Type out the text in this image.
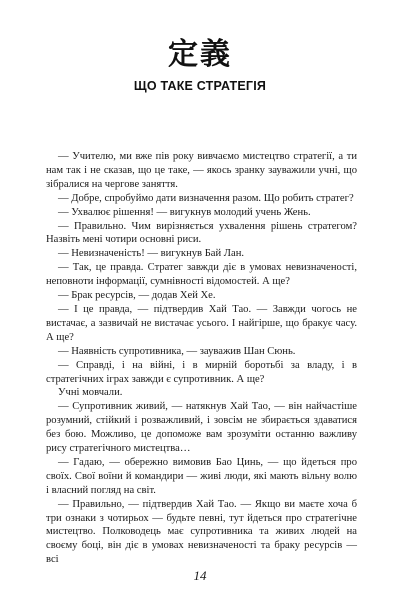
定義
ЩО ТАКЕ СТРАТЕГІЯ

— Учителю, ми вже пів року вивчаємо мистецтво стратегії, а ти нам так і не сказав, що це таке, — якось зранку зауважили учні, що зібралися на чергове заняття.

— Добре, спробуймо дати визначення разом. Що робить стратег?

— Ухвалює рішення! — вигукнув молодий учень Жень.

— Правильно. Чим вирізняється ухвалення рішень стратегом? Назвіть мені чотири основні риси.

— Невизначеність! — вигукнув Бай Лан.

— Так, це правда. Стратег завжди діє в умовах невизначеності, неповноти інформації, сумнівності відомостей. А ще?

— Брак ресурсів, — додав Хей Хе.

— І це правда, — підтвердив Хай Тао. — Завжди чогось не вистачає, а зазвичай не вистачає усього. І найгірше, що бракує часу. А ще?

— Наявність супротивника, — зауважив Шан Сюнь.

— Справді, і на війні, і в мирній боротьбі за владу, і в стратегічних іграх завжди є супротивник. А ще?

Учні мовчали.

— Супротивник живий, — натякнув Хай Тао, — він найчастіше розумний, стійкий і розважливий, і зовсім не збирається здаватися без бою. Можливо, це допоможе вам зрозуміти останню важливу рису стратегічного мистецтва…

— Гадаю, — обережно вимовив Бао Цинь, — що йдеться про своїх. Свої воїни й командири — живі люди, які мають вільну волю і власний погляд на світ.

— Правильно, — підтвердив Хай Тао. — Якщо ви маєте хоча б три ознаки з чотирьох — будьте певні, тут йдеться про стратегічне мистецтво. Полководець має супротивника та живих людей на своєму боці, він діє в умовах невизначеності та браку ресурсів — всі

14
